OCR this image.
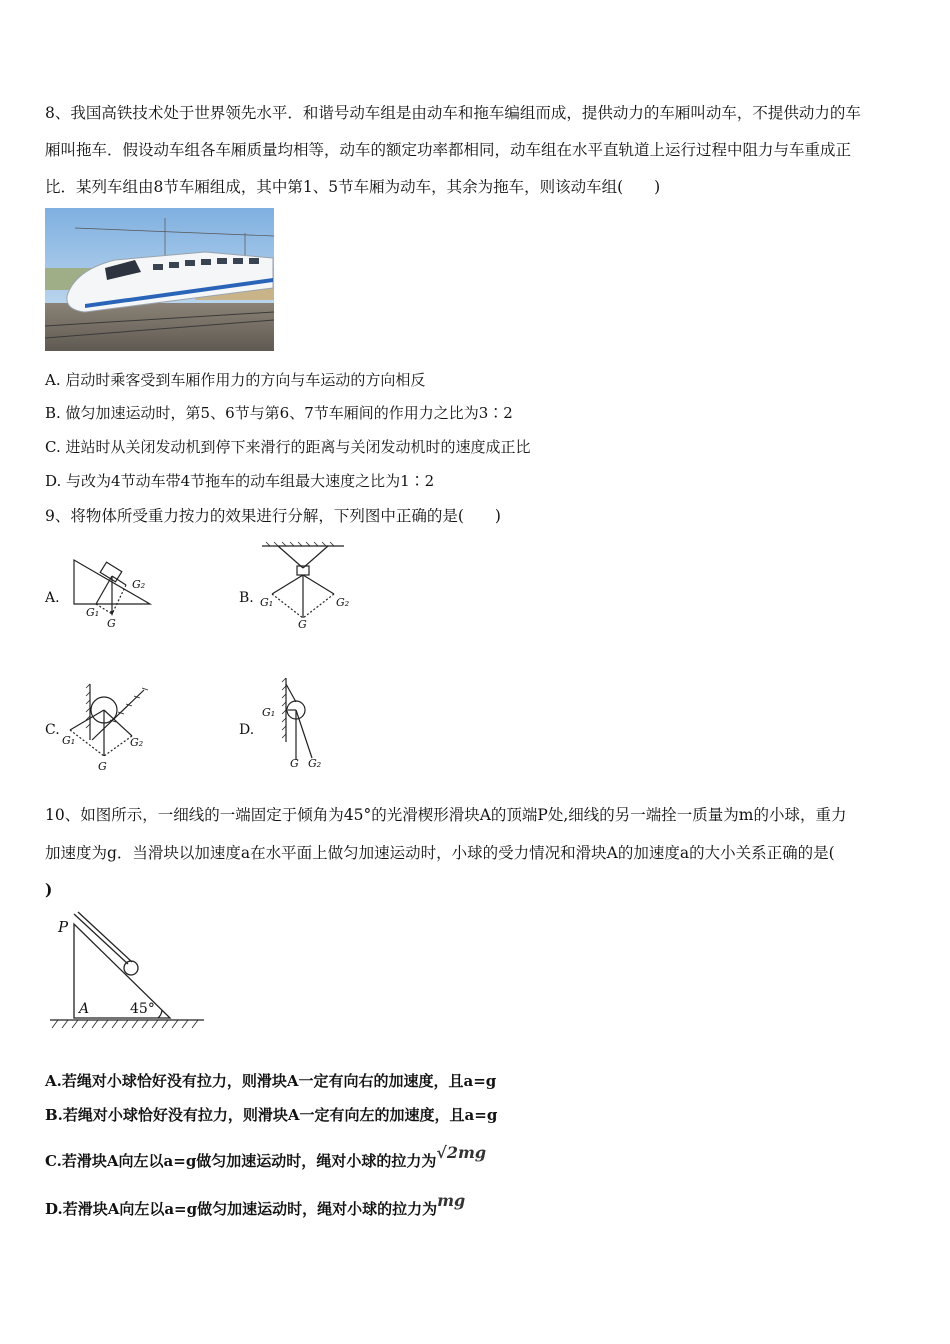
8、我国高铁技术处于世界领先水平．和谐号动车组是由动车和拖车编组而成，提供动力的车厢叫动车，不提供动力的车
厢叫拖车．假设动车组各车厢质量均相等，动车的额定功率都相同，动车组在水平直轨道上运行过程中阻力与车重成正
比．某列车组由8节车厢组成，其中第1、5节车厢为动车，其余为拖车，则该动车组(　　)
A. 启动时乘客受到车厢作用力的方向与车运动的方向相反
B. 做匀加速运动时，第5、6节与第6、7节车厢间的作用力之比为3∶2
C. 进站时从关闭发动机到停下来滑行的距离与关闭发动机时的速度成正比
D. 与改为4节动车带4节拖车的动车组最大速度之比为1∶2
9、将物体所受重力按力的效果进行分解，下列图中正确的是(　　)
A.	B.
C.	D.
G₂
G₁
G
G₁	G₂
G
G₁	G₂
G
G₁
G G₂
10、如图所示，一细线的一端固定于倾角为45°的光滑楔形滑块A的顶端P处,细线的另一端拴一质量为m的小球，重力
加速度为g．当滑块以加速度a在水平面上做匀加速运动时，小球的受力情况和滑块A的加速度a的大小关系正确的是(
)
P
A	45°
A.若绳对小球恰好没有拉力，则滑块A一定有向右的加速度，且a=g
B.若绳对小球恰好没有拉力，则滑块A一定有向左的加速度，且a=g
C.若滑块A向左以a=g做匀加速运动时，绳对小球的拉力为√2mg
D.若滑块A向左以a=g做匀加速运动时，绳对小球的拉力为mg
